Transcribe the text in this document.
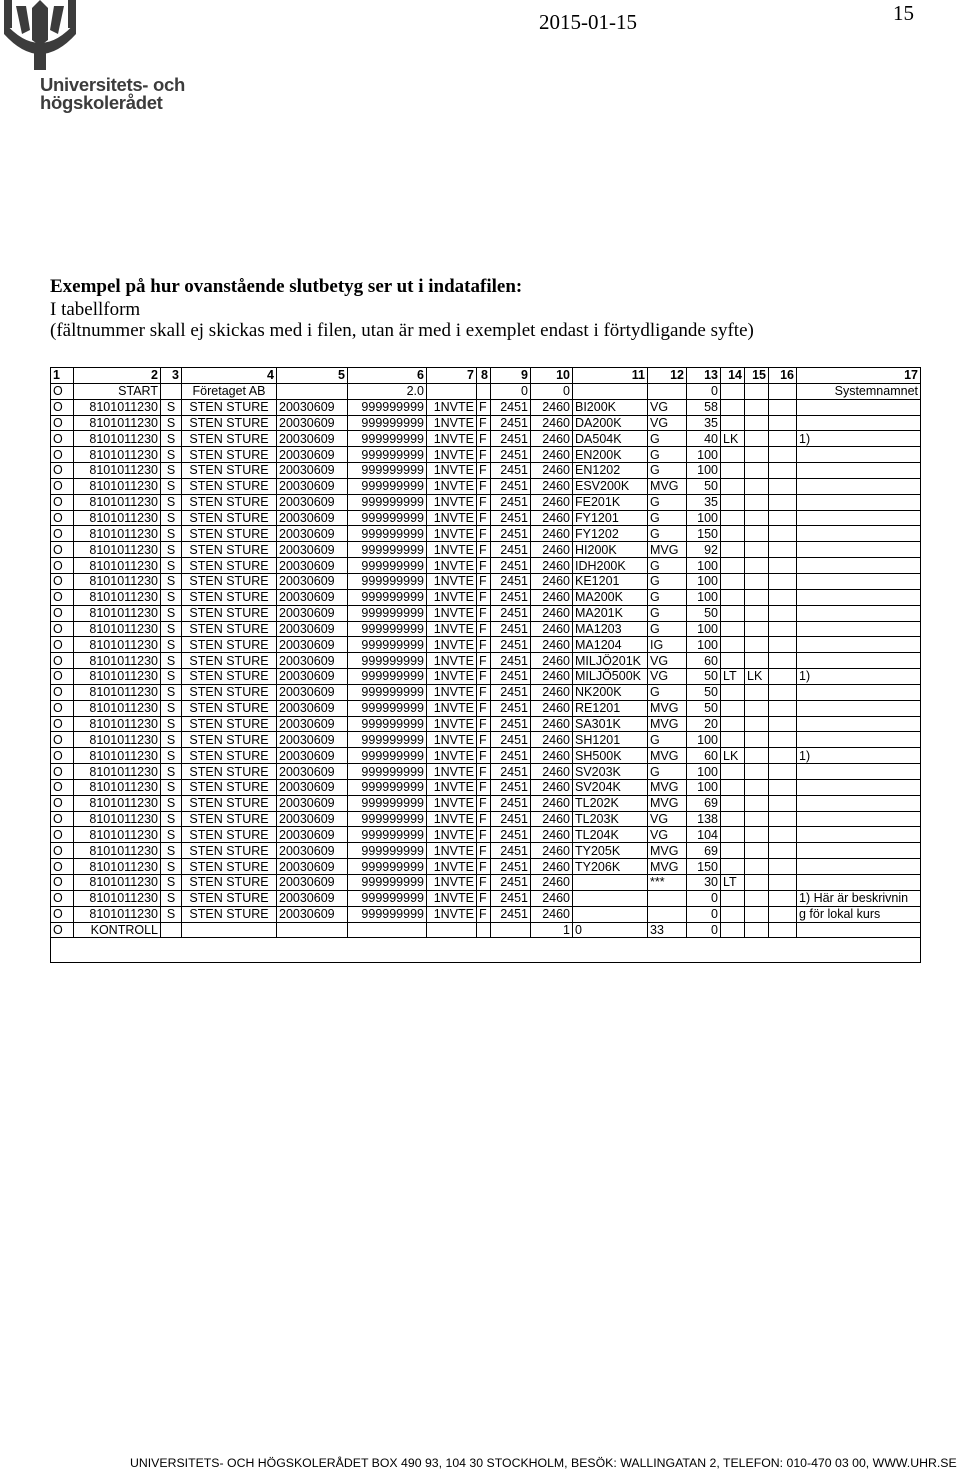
Universitets- och
högskolerådet
2015-01-15	15
Exempel på hur ovanstående slutbetyg ser ut i indatafilen:
I tabellform
(fältnummer skall ej skickas med i filen, utan är med i exemplet endast i förtydligande syfte)
1	2	3	4	5	6	7	8	9	10	11	12	13	14	15	16	17
O	START		Företaget AB		2.0			0	0			0				Systemnamnet
O	8101011230	S	STEN STURE	20030609	999999999	1NVTE	F	2451	2460	BI200K	VG	58				
O	8101011230	S	STEN STURE	20030609	999999999	1NVTE	F	2451	2460	DA200K	VG	35				
O	8101011230	S	STEN STURE	20030609	999999999	1NVTE	F	2451	2460	DA504K	G	40	LK			1)
O	8101011230	S	STEN STURE	20030609	999999999	1NVTE	F	2451	2460	EN200K	G	100				
O	8101011230	S	STEN STURE	20030609	999999999	1NVTE	F	2451	2460	EN1202	G	100				
O	8101011230	S	STEN STURE	20030609	999999999	1NVTE	F	2451	2460	ESV200K	MVG	50				
O	8101011230	S	STEN STURE	20030609	999999999	1NVTE	F	2451	2460	FE201K	G	35				
O	8101011230	S	STEN STURE	20030609	999999999	1NVTE	F	2451	2460	FY1201	G	100				
O	8101011230	S	STEN STURE	20030609	999999999	1NVTE	F	2451	2460	FY1202	G	150				
O	8101011230	S	STEN STURE	20030609	999999999	1NVTE	F	2451	2460	HI200K	MVG	92				
O	8101011230	S	STEN STURE	20030609	999999999	1NVTE	F	2451	2460	IDH200K	G	100				
O	8101011230	S	STEN STURE	20030609	999999999	1NVTE	F	2451	2460	KE1201	G	100				
O	8101011230	S	STEN STURE	20030609	999999999	1NVTE	F	2451	2460	MA200K	G	100				
O	8101011230	S	STEN STURE	20030609	999999999	1NVTE	F	2451	2460	MA201K	G	50				
O	8101011230	S	STEN STURE	20030609	999999999	1NVTE	F	2451	2460	MA1203	G	100				
O	8101011230	S	STEN STURE	20030609	999999999	1NVTE	F	2451	2460	MA1204	IG	100				
O	8101011230	S	STEN STURE	20030609	999999999	1NVTE	F	2451	2460	MILJÖ201K	VG	60				
O	8101011230	S	STEN STURE	20030609	999999999	1NVTE	F	2451	2460	MILJÖ500K	VG	50	LT	LK		1)
O	8101011230	S	STEN STURE	20030609	999999999	1NVTE	F	2451	2460	NK200K	G	50				
O	8101011230	S	STEN STURE	20030609	999999999	1NVTE	F	2451	2460	RE1201	MVG	50				
O	8101011230	S	STEN STURE	20030609	999999999	1NVTE	F	2451	2460	SA301K	MVG	20				
O	8101011230	S	STEN STURE	20030609	999999999	1NVTE	F	2451	2460	SH1201	G	100				
O	8101011230	S	STEN STURE	20030609	999999999	1NVTE	F	2451	2460	SH500K	MVG	60	LK			1)
O	8101011230	S	STEN STURE	20030609	999999999	1NVTE	F	2451	2460	SV203K	G	100				
O	8101011230	S	STEN STURE	20030609	999999999	1NVTE	F	2451	2460	SV204K	MVG	100				
O	8101011230	S	STEN STURE	20030609	999999999	1NVTE	F	2451	2460	TL202K	MVG	69				
O	8101011230	S	STEN STURE	20030609	999999999	1NVTE	F	2451	2460	TL203K	VG	138				
O	8101011230	S	STEN STURE	20030609	999999999	1NVTE	F	2451	2460	TL204K	VG	104				
O	8101011230	S	STEN STURE	20030609	999999999	1NVTE	F	2451	2460	TY205K	MVG	69				
O	8101011230	S	STEN STURE	20030609	999999999	1NVTE	F	2451	2460	TY206K	MVG	150				
O	8101011230	S	STEN STURE	20030609	999999999	1NVTE	F	2451	2460		***	30	LT			
O	8101011230	S	STEN STURE	20030609	999999999	1NVTE	F	2451	2460			0				1) Här är beskrivnin
O	8101011230	S	STEN STURE	20030609	999999999	1NVTE	F	2451	2460			0				g för lokal kurs
O	KONTROLL								1	0	33	0				

UNIVERSITETS- OCH HÖGSKOLERÅDET BOX 490 93, 104 30 STOCKHOLM, BESÖK: WALLINGATAN 2, TELEFON: 010-470 03 00, WWW.UHR.SE
